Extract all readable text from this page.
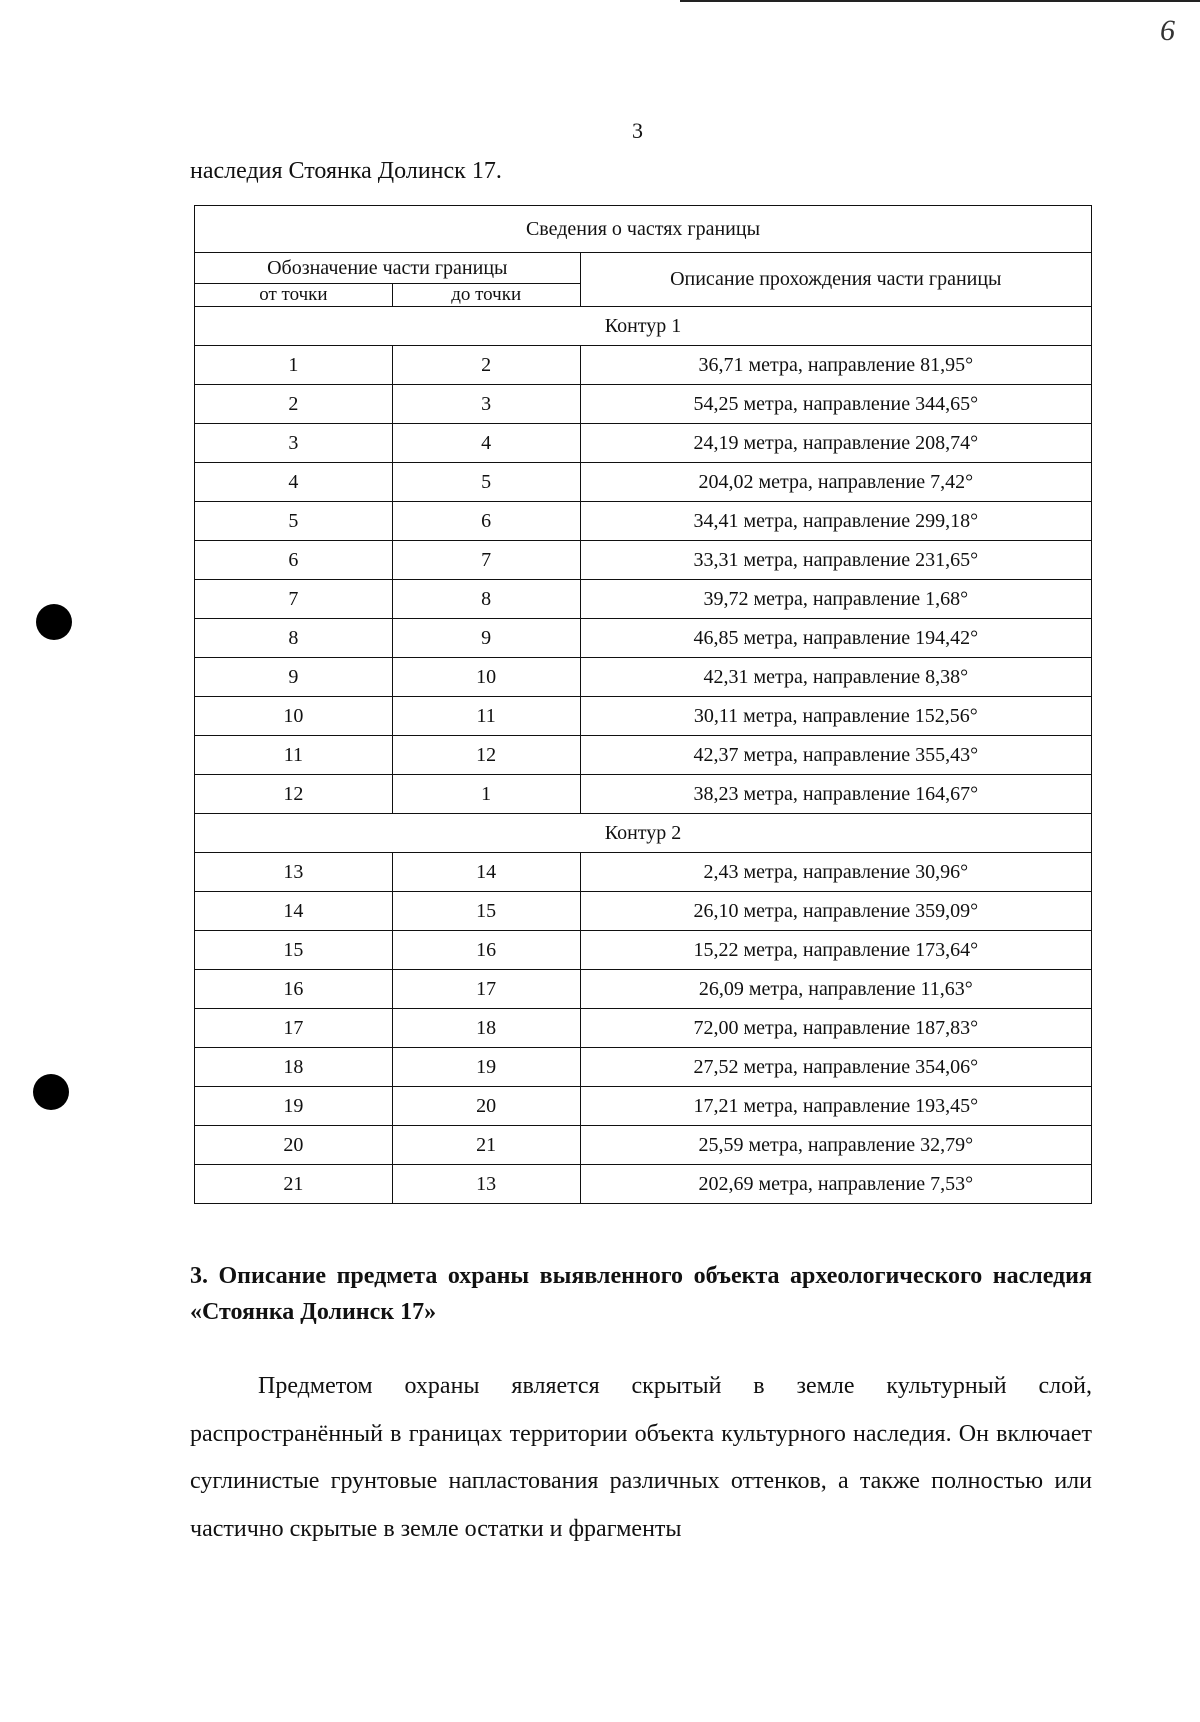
6
3
наследия Стоянка Долинск 17.
Сведения о частях границы		
Обозначение части границы		Описание прохождения части границы
от точки	до точки	
Контур 1		
1	2	36,71 метра, направление 81,95°
2	3	54,25 метра, направление 344,65°
3	4	24,19 метра, направление 208,74°
4	5	204,02 метра, направление 7,42°
5	6	34,41 метра, направление 299,18°
6	7	33,31 метра, направление 231,65°
7	8	39,72 метра, направление 1,68°
8	9	46,85 метра, направление 194,42°
9	10	42,31 метра, направление 8,38°
10	11	30,11 метра, направление 152,56°
11	12	42,37 метра, направление 355,43°
12	1	38,23 метра, направление 164,67°
Контур 2		
13	14	2,43 метра, направление 30,96°
14	15	26,10 метра, направление 359,09°
15	16	15,22 метра, направление 173,64°
16	17	26,09 метра, направление 11,63°
17	18	72,00 метра, направление 187,83°
18	19	27,52 метра, направление 354,06°
19	20	17,21 метра, направление 193,45°
20	21	25,59 метра, направление 32,79°
21	13	202,69 метра, направление 7,53°
3. Описание предмета охраны выявленного объекта археологического наследия «Стоянка Долинск 17»
Предметом охраны является скрытый в земле культурный слой, распространённый в границах территории объекта культурного наследия. Он включает суглинистые грунтовые напластования различных оттенков, а также полностью или частично скрытые в земле остатки и фрагменты
